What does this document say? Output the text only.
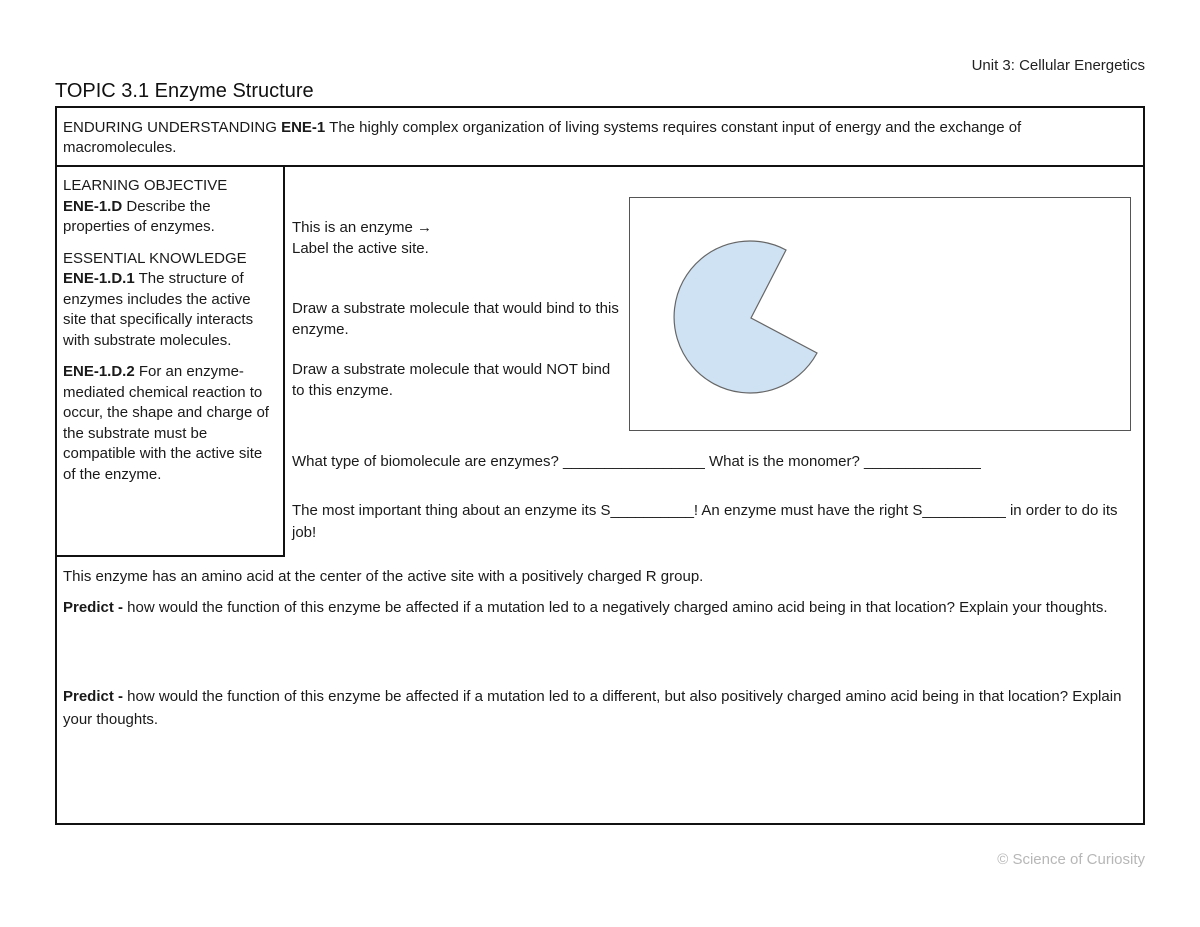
Unit 3: Cellular Energetics
TOPIC 3.1 Enzyme Structure
ENDURING UNDERSTANDING ENE-1 The highly complex organization of living systems requires constant input of energy and the exchange of macromolecules.

LEARNING OBJECTIVE
ENE-1.D Describe the properties of enzymes.

ESSENTIAL KNOWLEDGE
ENE-1.D.1 The structure of enzymes includes the active site that specifically interacts with substrate molecules.

ENE-1.D.2 For an enzyme-mediated chemical reaction to occur, the shape and charge of the substrate must be compatible with the active site of the enzyme.

This is an enzyme →
Label the active site.
Draw a substrate molecule that would bind to this enzyme.
Draw a substrate molecule that would NOT bind to this enzyme.
What type of biomolecule are enzymes? _________________ What is the monomer? ______________
The most important thing about an enzyme its S__________! An enzyme must have the right S__________ in order to do its job!
This enzyme has an amino acid at the center of the active site with a positively charged R group.
Predict - how would the function of this enzyme be affected if a mutation led to a negatively charged amino acid being in that location? Explain your thoughts.
Predict - how would the function of this enzyme be affected if a mutation led to a different, but also positively charged amino acid being in that location? Explain your thoughts.
© Science of Curiosity
